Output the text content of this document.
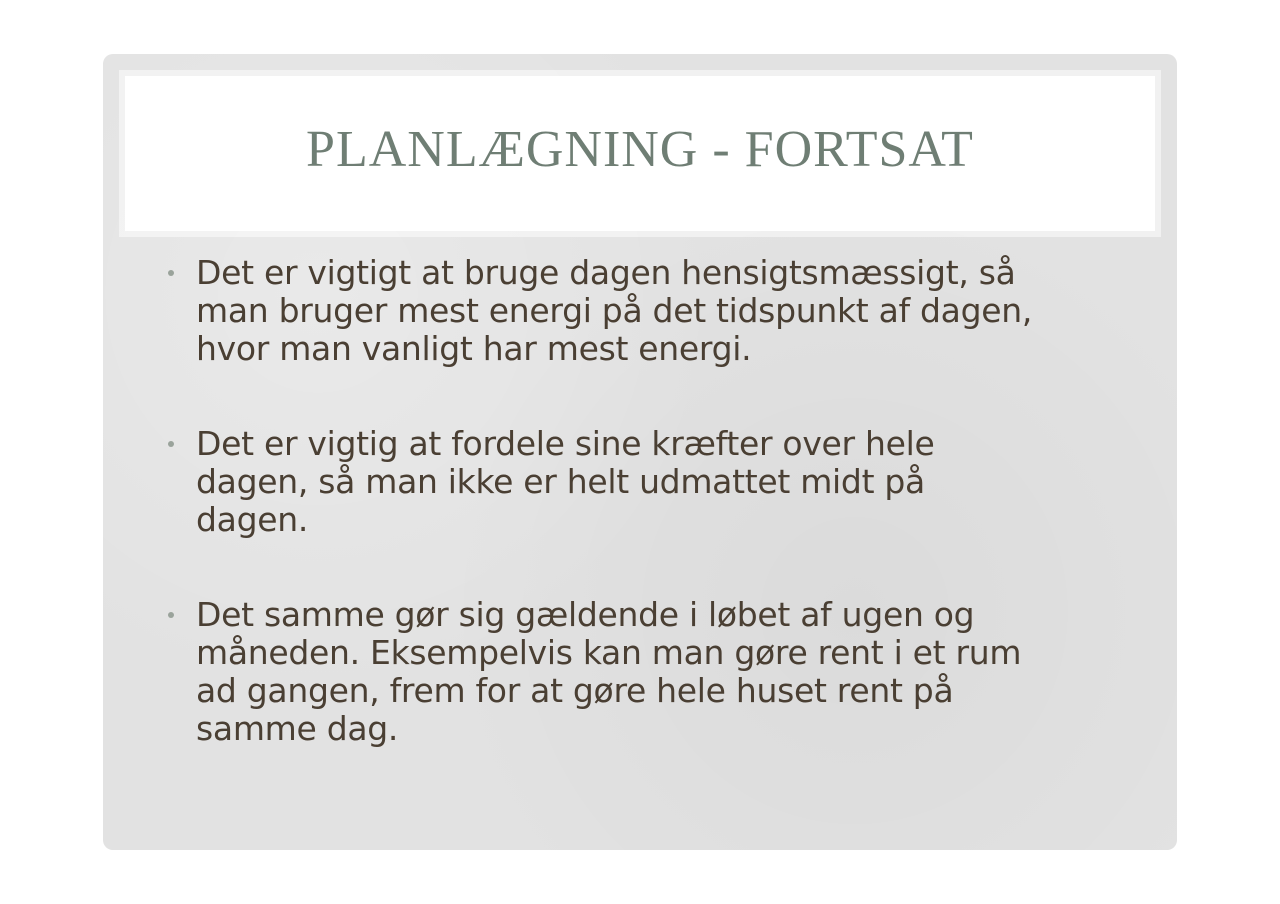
PLANLÆGNING - FORTSAT
Det er vigtigt at bruge dagen hensigtsmæssigt, så
man bruger mest energi på det tidspunkt af dagen,
hvor man vanligt har mest energi.
Det er vigtig at fordele sine kræfter over hele
dagen, så man ikke er helt udmattet midt på
dagen.
Det samme gør sig gældende i løbet af ugen og
måneden. Eksempelvis kan man gøre rent i et rum
ad gangen, frem for at gøre hele huset rent på
samme dag.
